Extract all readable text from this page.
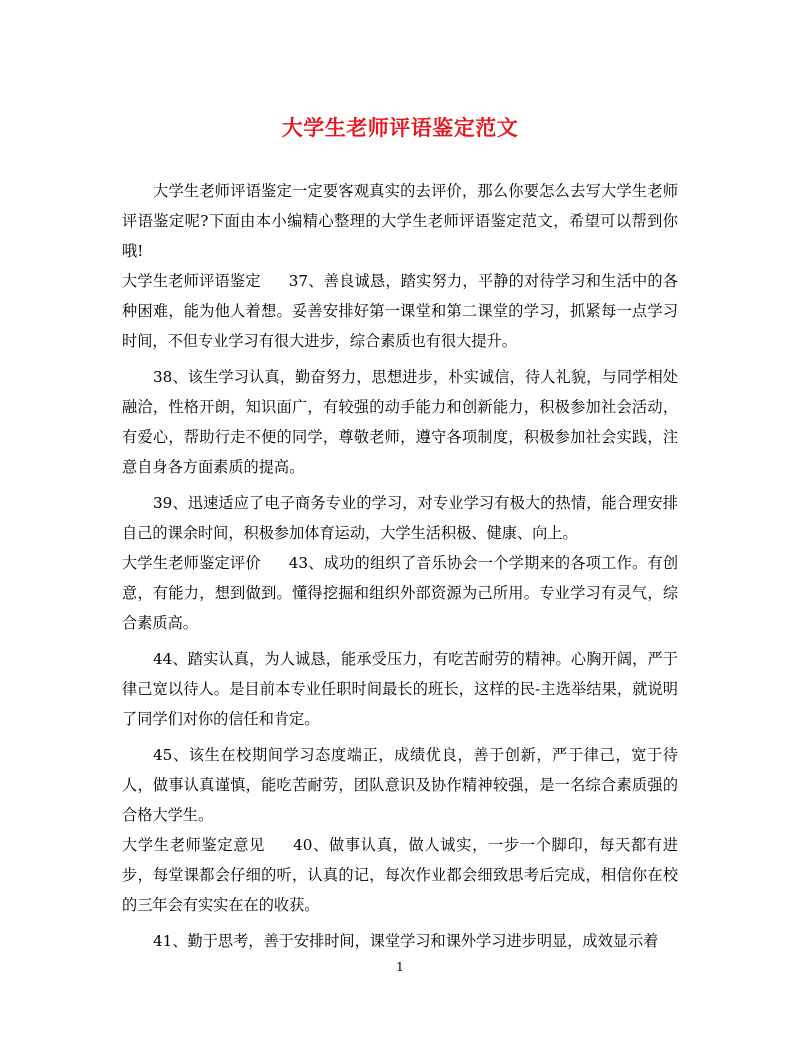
大学生老师评语鉴定范文

大学生老师评语鉴定一定要客观真实的去评价，那么你要怎么去写大学生老师评语鉴定呢?下面由本小编精心整理的大学生老师评语鉴定范文，希望可以帮到你哦!

大学生老师评语鉴定 37、善良诚恳，踏实努力，平静的对待学习和生活中的各种困难，能为他人着想。妥善安排好第一课堂和第二课堂的学习，抓紧每一点学习时间，不但专业学习有很大进步，综合素质也有很大提升。

38、该生学习认真，勤奋努力，思想进步，朴实诚信，待人礼貌，与同学相处融洽，性格开朗，知识面广，有较强的动手能力和创新能力，积极参加社会活动，有爱心，帮助行走不便的同学，尊敬老师，遵守各项制度，积极参加社会实践，注意自身各方面素质的提高。

39、迅速适应了电子商务专业的学习，对专业学习有极大的热情，能合理安排自己的课余时间，积极参加体育运动，大学生活积极、健康、向上。

大学生老师鉴定评价 43、成功的组织了音乐协会一个学期来的各项工作。有创意，有能力，想到做到。懂得挖掘和组织外部资源为己所用。专业学习有灵气，综合素质高。

44、踏实认真，为人诚恳，能承受压力，有吃苦耐劳的精神。心胸开阔，严于律己宽以待人。是目前本专业任职时间最长的班长，这样的民-主选举结果，就说明了同学们对你的信任和肯定。

45、该生在校期间学习态度端正，成绩优良，善于创新，严于律己，宽于待人，做事认真谨慎，能吃苦耐劳，团队意识及协作精神较强，是一名综合素质强的合格大学生。

大学生老师鉴定意见 40、做事认真，做人诚实，一步一个脚印，每天都有进步，每堂课都会仔细的听，认真的记，每次作业都会细致思考后完成，相信你在校的三年会有实实在在的收获。

41、勤于思考，善于安排时间，课堂学习和课外学习进步明显，成效显示着

1
